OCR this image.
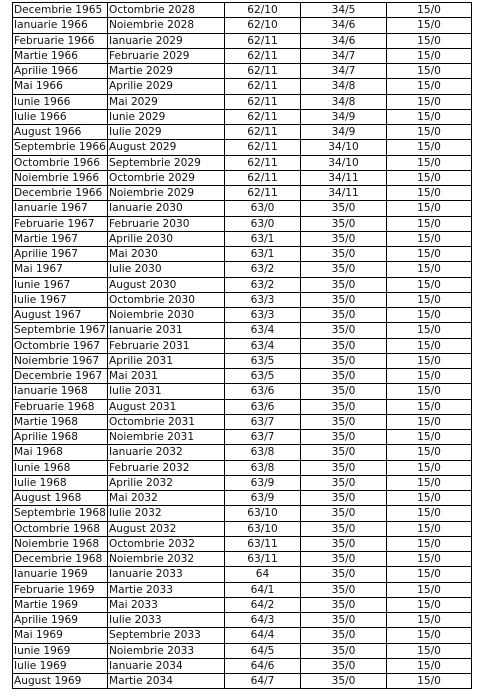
Decembrie 1965	Octombrie 2028	62/10	34/5	15/0
Ianuarie 1966	Noiembrie 2028	62/10	34/6	15/0
Februarie 1966	Ianuarie 2029	62/11	34/6	15/0
Martie 1966	Februarie 2029	62/11	34/7	15/0
Aprilie 1966	Martie 2029	62/11	34/7	15/0
Mai 1966	Aprilie 2029	62/11	34/8	15/0
Iunie 1966	Mai 2029	62/11	34/8	15/0
Iulie 1966	Iunie 2029	62/11	34/9	15/0
August 1966	Iulie 2029	62/11	34/9	15/0
Septembrie 1966	August 2029	62/11	34/10	15/0
Octombrie 1966	Septembrie 2029	62/11	34/10	15/0
Noiembrie 1966	Octombrie 2029	62/11	34/11	15/0
Decembrie 1966	Noiembrie 2029	62/11	34/11	15/0
Ianuarie 1967	Ianuarie 2030	63/0	35/0	15/0
Februarie 1967	Februarie 2030	63/0	35/0	15/0
Martie 1967	Aprilie 2030	63/1	35/0	15/0
Aprilie 1967	Mai 2030	63/1	35/0	15/0
Mai 1967	Iulie 2030	63/2	35/0	15/0
Iunie 1967	August 2030	63/2	35/0	15/0
Iulie 1967	Octombrie 2030	63/3	35/0	15/0
August 1967	Noiembrie 2030	63/3	35/0	15/0
Septembrie 1967	Ianuarie 2031	63/4	35/0	15/0
Octombrie 1967	Februarie 2031	63/4	35/0	15/0
Noiembrie 1967	Aprilie 2031	63/5	35/0	15/0
Decembrie 1967	Mai 2031	63/5	35/0	15/0
Ianuarie 1968	Iulie 2031	63/6	35/0	15/0
Februarie 1968	August 2031	63/6	35/0	15/0
Martie 1968	Octombrie 2031	63/7	35/0	15/0
Aprilie 1968	Noiembrie 2031	63/7	35/0	15/0
Mai 1968	Ianuarie 2032	63/8	35/0	15/0
Iunie 1968	Februarie 2032	63/8	35/0	15/0
Iulie 1968	Aprilie 2032	63/9	35/0	15/0
August 1968	Mai 2032	63/9	35/0	15/0
Septembrie 1968	Iulie 2032	63/10	35/0	15/0
Octombrie 1968	August 2032	63/10	35/0	15/0
Noiembrie 1968	Octombrie 2032	63/11	35/0	15/0
Decembrie 1968	Noiembrie 2032	63/11	35/0	15/0
Ianuarie 1969	Ianuarie 2033	64	35/0	15/0
Februarie 1969	Martie 2033	64/1	35/0	15/0
Martie 1969	Mai 2033	64/2	35/0	15/0
Aprilie 1969	Iulie 2033	64/3	35/0	15/0
Mai 1969	Septembrie 2033	64/4	35/0	15/0
Iunie 1969	Noiembrie 2033	64/5	35/0	15/0
Iulie 1969	Ianuarie 2034	64/6	35/0	15/0
August 1969	Martie 2034	64/7	35/0	15/0
